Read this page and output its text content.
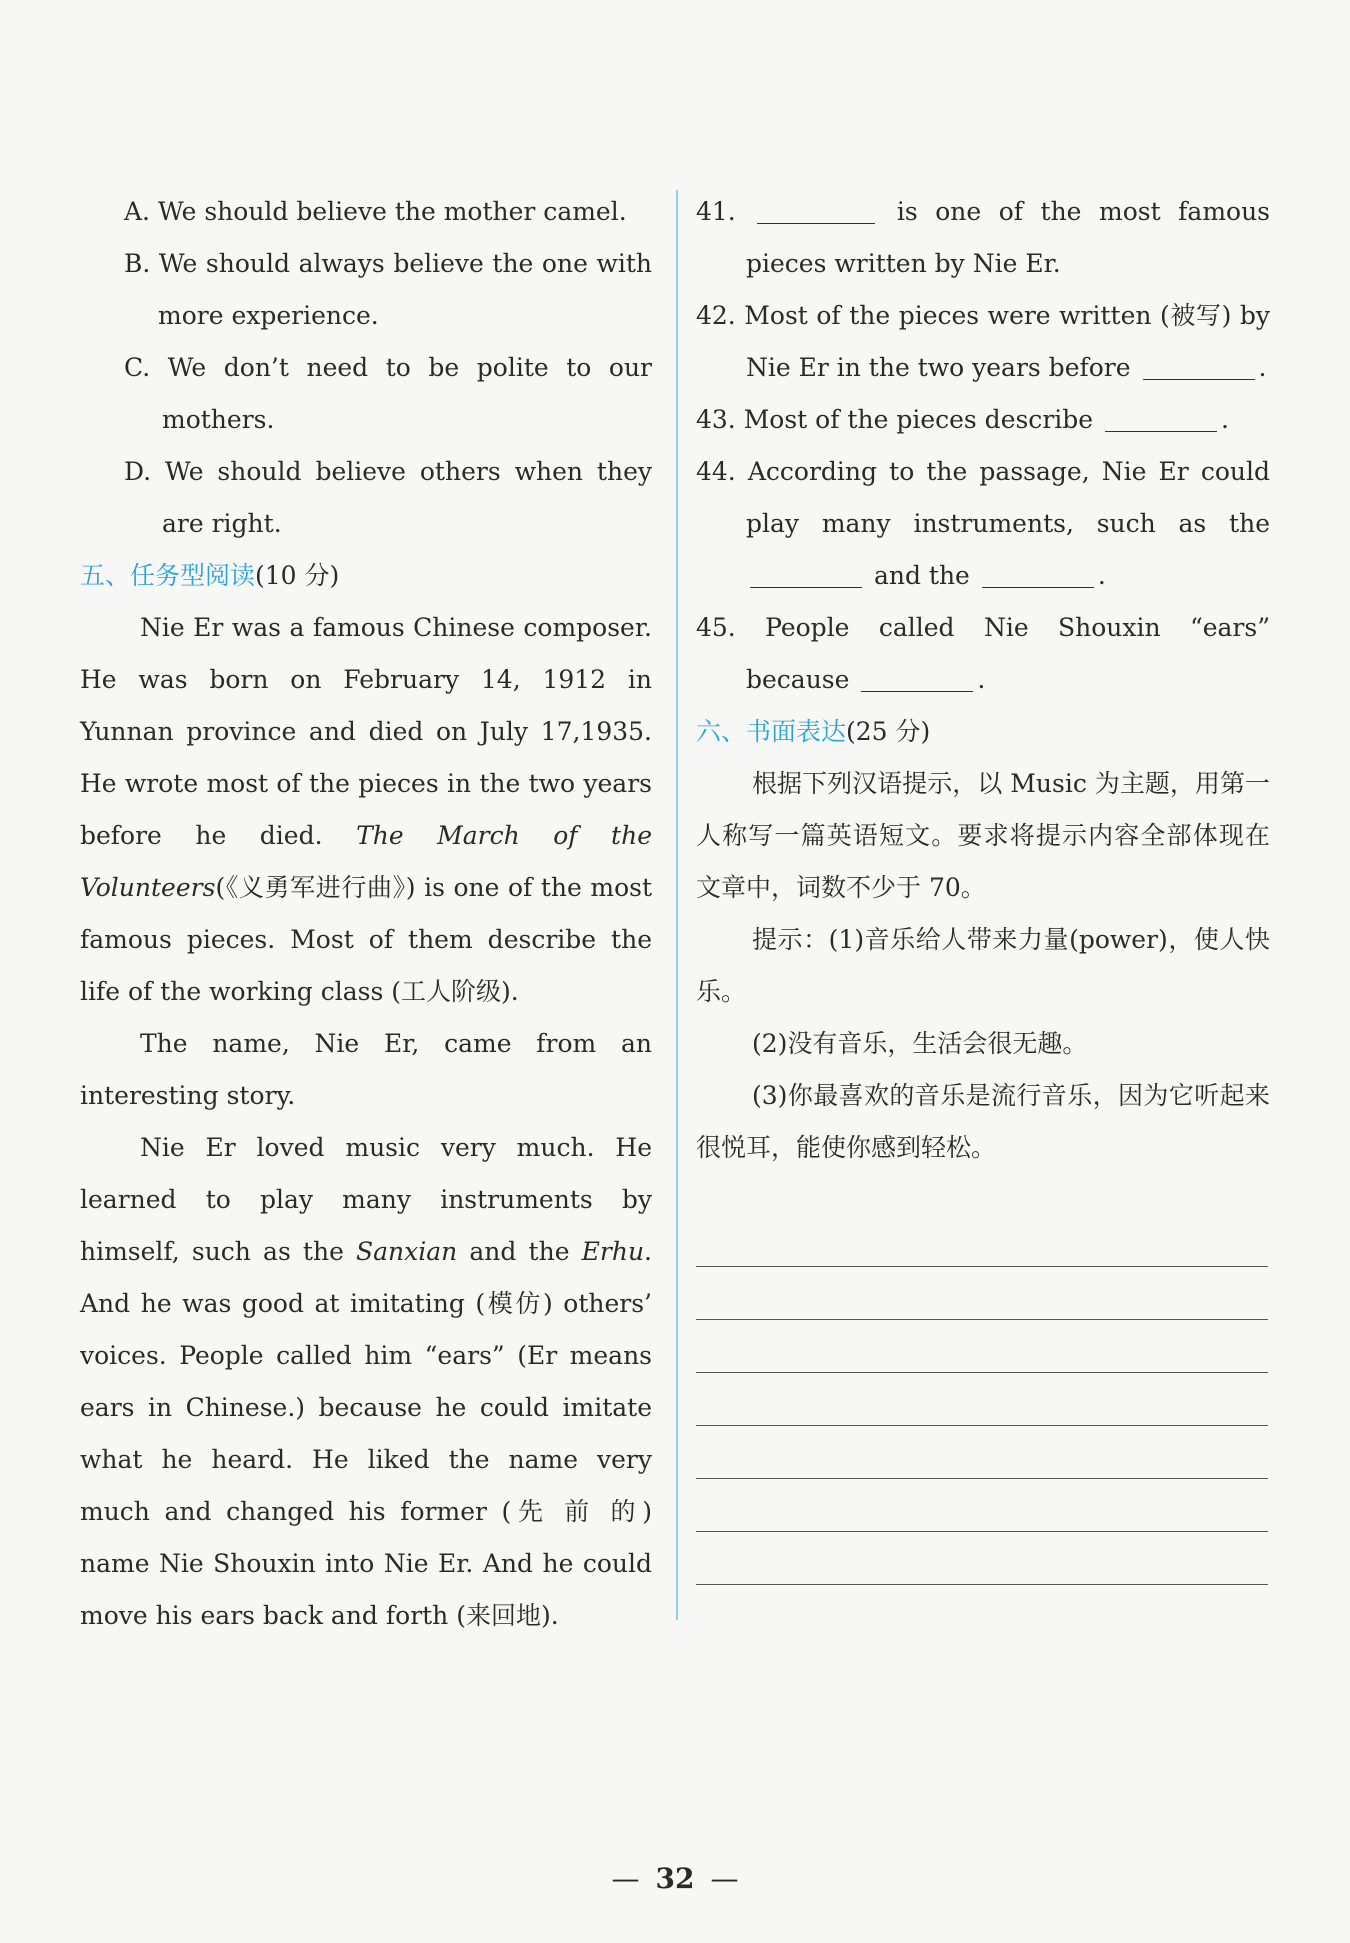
A. We should believe the mother camel.
B. We should always believe the one with
more experience.
C. We don’t need to be polite to our
mothers.
D. We should believe others when they
are right.
五、任务型阅读(10 分)
Nie Er was a famous Chinese composer. He was born on February 14, 1912 in Yunnan province and died on July 17,1935. He wrote most of the pieces in the two years before he died. The March of the Volunteers(《义勇军进行曲》) is one of the most famous pieces. Most of them describe the life of the working class (工人阶级).
The name, Nie Er, came from an interesting story.
Nie Er loved music very much. He learned to play many instruments by himself, such as the Sanxian and the Erhu. And he was good at imitating (模仿) others’ voices. People called him “ears” (Er means ears in Chinese.) because he could imitate what he heard. He liked the name very much and changed his former (先 前 的) name Nie Shouxin into Nie Er. And he could move his ears back and forth (来回地).
41.	is one of the most famous pieces written by Nie Er.
42. Most of the pieces were written (被写) by Nie Er in the two years before	.
43. Most of the pieces describe	.
44. According to the passage, Nie Er could play many instruments, such as the  and the	.
45. People called Nie Shouxin “ears” because	.
六、书面表达(25 分)
根据下列汉语提示，以 Music 为主题，用第一人称写一篇英语短文。要求将提示内容全部体现在文章中，词数不少于 70。
提示：(1)音乐给人带来力量(power)，使人快乐。
(2)没有音乐，生活会很无趣。
(3)你最喜欢的音乐是流行音乐，因为它听起来很悦耳，能使你感到轻松。
— 32 —
